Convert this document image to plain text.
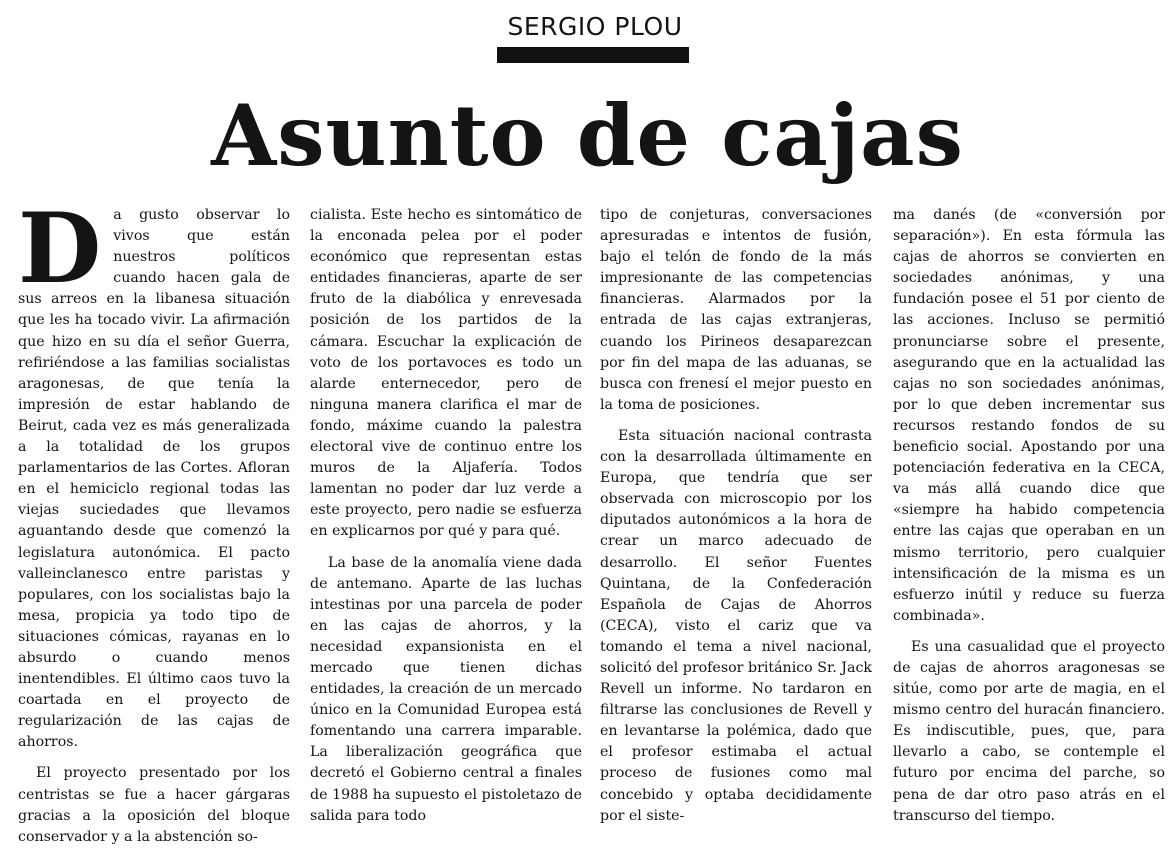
SERGIO PLOU
Asunto de cajas
D a gusto observar lo vivos que están nuestros políticos cuando hacen gala de sus arreos en la libanesa situación que les ha tocado vivir. La afirmación que hizo en su día el señor Guerra, refiriéndose a las familias socialistas aragonesas, de que tenía la impresión de estar hablando de Beirut, cada vez es más generalizada a la totalidad de los grupos parlamentarios de las Cortes. Afloran en el hemiciclo regional todas las viejas suciedades que llevamos aguantando desde que comenzó la legislatura autonómica. El pacto valleinclanesco entre paristas y populares, con los socialistas bajo la mesa, propicia ya todo tipo de situaciones cómicas, rayanas en lo absurdo o cuando menos inentendibles. El último caos tuvo la coartada en el proyecto de regularización de las cajas de ahorros.

El proyecto presentado por los centristas se fue a hacer gárgaras gracias a la oposición del bloque conservador y a la abstención so-

cialista. Este hecho es sintomático de la enconada pelea por el poder económico que representan estas entidades financieras, aparte de ser fruto de la diabólica y enrevesada posición de los partidos de la cámara. Escuchar la explicación de voto de los portavoces es todo un alarde enternecedor, pero de ninguna manera clarifica el mar de fondo, máxime cuando la palestra electoral vive de continuo entre los muros de la Aljafería. Todos lamentan no poder dar luz verde a este proyecto, pero nadie se esfuerza en explicarnos por qué y para qué.

La base de la anomalía viene dada de antemano. Aparte de las luchas intestinas por una parcela de poder en las cajas de ahorros, y la necesidad expansionista en el mercado que tienen dichas entidades, la creación de un mercado único en la Comunidad Europea está fomentando una carrera imparable. La liberalización geográfica que decretó el Gobierno central a finales de 1988 ha supuesto el pistoletazo de salida para todo

tipo de conjeturas, conversaciones apresuradas e intentos de fusión, bajo el telón de fondo de la más impresionante de las competencias financieras. Alarmados por la entrada de las cajas extranjeras, cuando los Pirineos desaparezcan por fin del mapa de las aduanas, se busca con frenesí el mejor puesto en la toma de posiciones.

Esta situación nacional contrasta con la desarrollada últimamente en Europa, que tendría que ser observada con microscopio por los diputados autonómicos a la hora de crear un marco adecuado de desarrollo. El señor Fuentes Quintana, de la Confederación Española de Cajas de Ahorros (CECA), visto el cariz que va tomando el tema a nivel nacional, solicitó del profesor británico Sr. Jack Revell un informe. No tardaron en filtrarse las conclusiones de Revell y en levantarse la polémica, dado que el profesor estimaba el actual proceso de fusiones como mal concebido y optaba decididamente por el siste-

ma danés (de «conversión por separación»). En esta fórmula las cajas de ahorros se convierten en sociedades anónimas, y una fundación posee el 51 por ciento de las acciones. Incluso se permitió pronunciarse sobre el presente, asegurando que en la actualidad las cajas no son sociedades anónimas, por lo que deben incrementar sus recursos restando fondos de su beneficio social. Apostando por una potenciación federativa en la CECA, va más allá cuando dice que «siempre ha habido competencia entre las cajas que operaban en un mismo territorio, pero cualquier intensificación de la misma es un esfuerzo inútil y reduce su fuerza combinada».

Es una casualidad que el proyecto de cajas de ahorros aragonesas se sitúe, como por arte de magia, en el mismo centro del huracán financiero. Es indiscutible, pues, que, para llevarlo a cabo, se contemple el futuro por encima del parche, so pena de dar otro paso atrás en el transcurso del tiempo.
